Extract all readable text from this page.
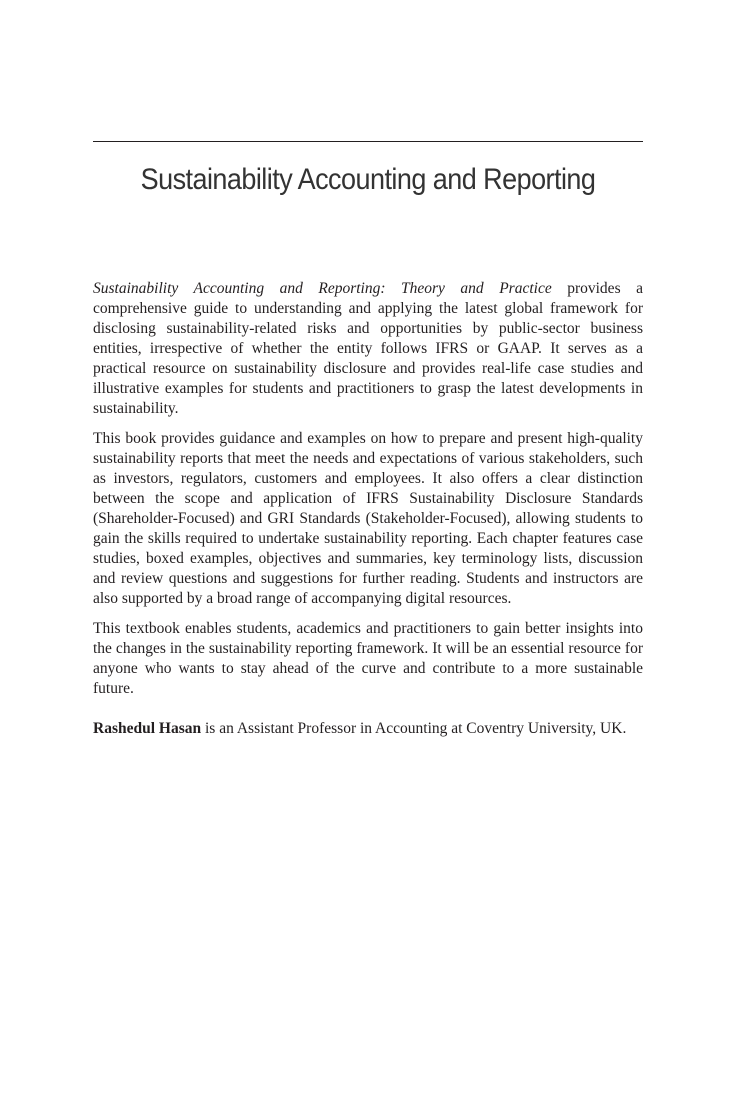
Sustainability Accounting and Reporting

Sustainability Accounting and Reporting: Theory and Practice provides a comprehensive guide to understanding and applying the latest global framework for disclosing sustainability-related risks and opportunities by public-sector business entities, irrespective of whether the entity follows IFRS or GAAP. It serves as a practical resource on sustainability disclosure and provides real-life case studies and illustrative examples for students and practitioners to grasp the latest developments in sustainability.

This book provides guidance and examples on how to prepare and present high-quality sustainability reports that meet the needs and expectations of various stakeholders, such as investors, regulators, customers and employees. It also offers a clear distinction between the scope and application of IFRS Sustainability Disclosure Standards (Shareholder-Focused) and GRI Standards (Stakeholder-Focused), allowing students to gain the skills required to undertake sustainability reporting. Each chapter features case studies, boxed examples, objectives and summaries, key terminology lists, discussion and review questions and suggestions for further reading. Students and instructors are also supported by a broad range of accompanying digital resources.

This textbook enables students, academics and practitioners to gain better insights into the changes in the sustainability reporting framework. It will be an essential resource for anyone who wants to stay ahead of the curve and contribute to a more sustainable future.

Rashedul Hasan is an Assistant Professor in Accounting at Coventry University, UK.
